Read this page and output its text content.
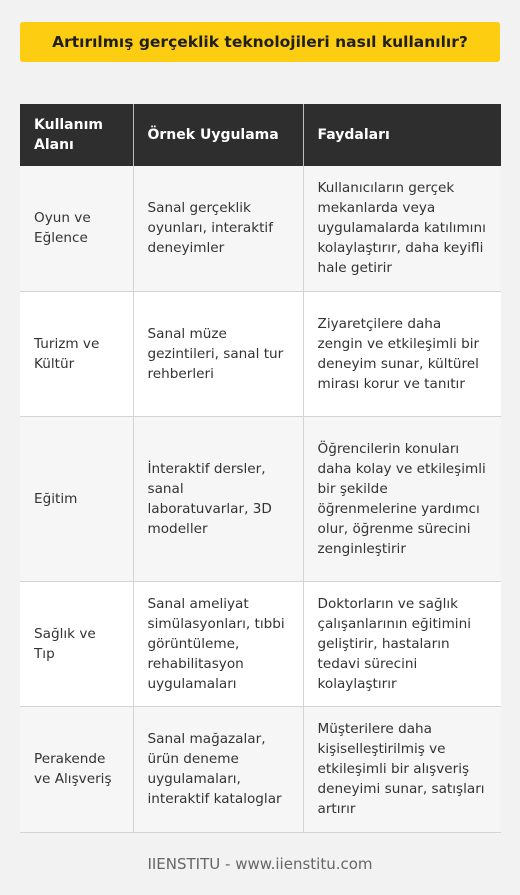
Artırılmış gerçeklik teknolojileri nasıl kullanılır?
Kullanım Alanı	Örnek Uygulama	Faydaları
Oyun ve Eğlence	Sanal gerçeklik oyunları, interaktif deneyimler	Kullanıcıların gerçek mekanlarda veya uygulamalarda katılımını kolaylaştırır, daha keyifli hale getirir
Turizm ve Kültür	Sanal müze gezintileri, sanal tur rehberleri	Ziyaretçilere daha zengin ve etkileşimli bir deneyim sunar, kültürel mirası korur ve tanıtır
Eğitim	İnteraktif dersler, sanal laboratuvarlar, 3D modeller	Öğrencilerin konuları daha kolay ve etkileşimli bir şekilde öğrenmelerine yardımcı olur, öğrenme sürecini zenginleştirir
Sağlık ve Tıp	Sanal ameliyat simülasyonları, tıbbi görüntüleme, rehabilitasyon uygulamaları	Doktorların ve sağlık çalışanlarının eğitimini geliştirir, hastaların tedavi sürecini kolaylaştırır
Perakende ve Alışveriş	Sanal mağazalar, ürün deneme uygulamaları, interaktif kataloglar	Müşterilere daha kişiselleştirilmiş ve etkileşimli bir alışveriş deneyimi sunar, satışları artırır
IIENSTITU - www.iienstitu.com
